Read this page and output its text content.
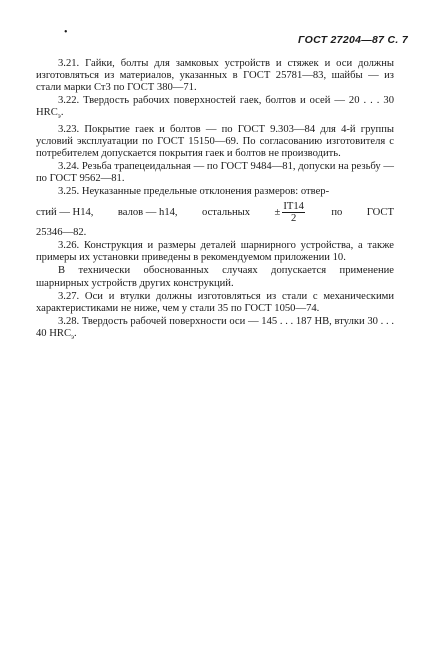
•
ГОСТ 27204—87 С. 7

3.21. Гайки, болты для замковых устройств и стяжек и оси должны изготовляться из материалов, указанных в ГОСТ 25781—83, шайбы — из стали марки Ст3 по ГОСТ 380—71.

3.22. Твердость рабочих поверхностей гаек, болтов и осей — 20 . . . 30 $HRC_э$.

3.23. Покрытие гаек и болтов — по ГОСТ 9.303—84 для 4-й группы условий эксплуатации по ГОСТ 15150—69. По согласованию изготовителя с потребителем допускается покрытия гаек и болтов не производить.

3.24. Резьба трапецеидальная — по ГОСТ 9484—81, допуски на резьбу — по ГОСТ 9562—81.

3.25. Неуказанные предельные отклонения размеров: отвер-

стий — Н14, валов — h14, остальных ± $\frac{IT14}{2}$ по ГОСТ

25346—82.

3.26. Конструкция и размеры деталей шарнирного устройства, а также примеры их установки приведены в рекомендуемом приложении 10.

В технически обоснованных случаях допускается применение шарнирных устройств других конструкций.

3.27. Оси и втулки должны изготовляться из стали с механическими характеристиками не ниже, чем у стали 35 по ГОСТ 1050—74.

3.28. Твердость рабочей поверхности оси — 145 . . . 187 НВ, втулки 30 . . . 40 $HRC_э$.
